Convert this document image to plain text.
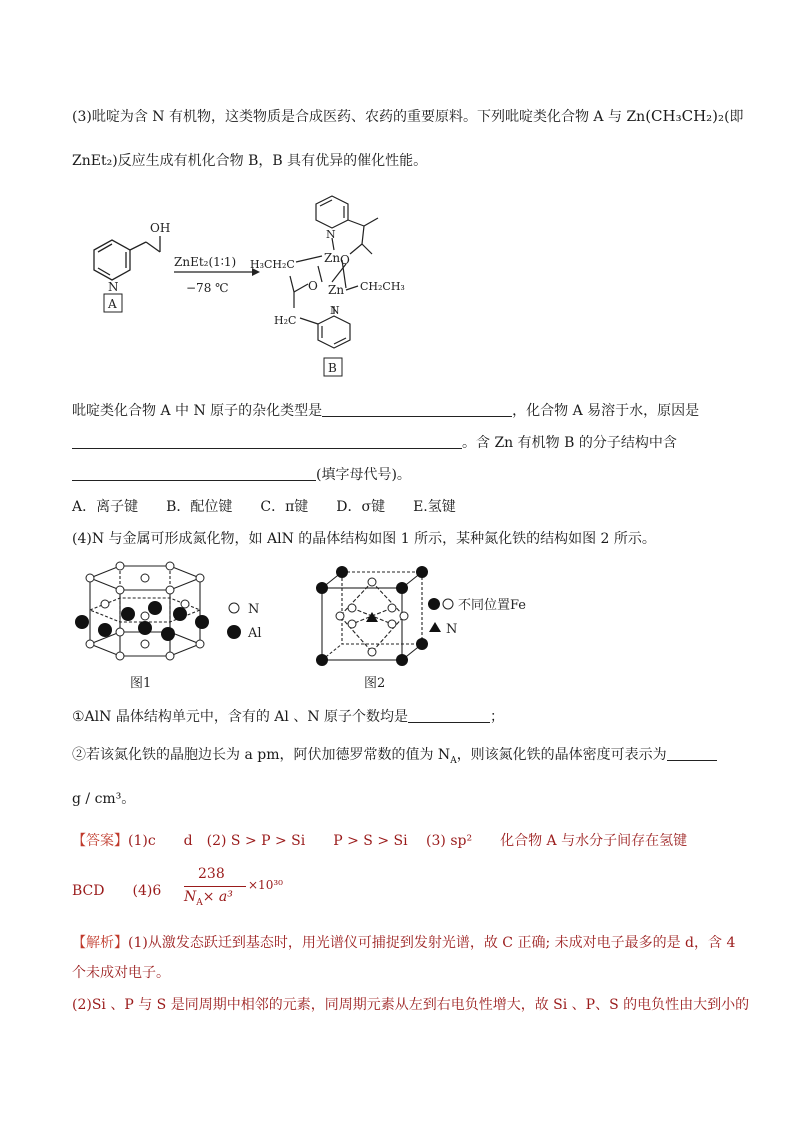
(3)吡啶为含 N 有机物，这类物质是合成医药、农药的重要原料。下列吡啶类化合物 A 与 Zn(CH₃CH₂)₂(即
ZnEt₂)反应生成有机化合物 B，B 具有优异的催化性能。
N
OH
A
ZnEt₂(1∶1)
−78 ℃
N
Zn O
H₃CH₂C
O Zn CH₂CH₃
H₂C
N
B
吡啶类化合物 A 中 N 原子的杂化类型是	，化合物 A 易溶于水，原因是
。含 Zn 有机物 B 的分子结构中含
(填字母代号)。
A．离子键　　B．配位键　　C．π键　　D．σ键　　E.氢键
(4)N 与金属可形成氮化物，如 AlN 的晶体结构如图 1 所示，某种氮化铁的结构如图 2 所示。
N
Al
图1
不同位置Fe
N
图2
①AlN 晶体结构单元中，含有的 Al 、N 原子个数均是	；
②若该氮化铁的晶胞边长为 a pm，阿伏加德罗常数的值为 $N_A$，则该氮化铁的晶体密度可表示为
g / cm³。
【答案】(1)c　　d　(2) S > P > Si　　P > S > Si　 (3) sp²　　化合物 A 与水分子间存在氢键
BCD　　(4)6
238
$N_A\times a^3$
×10³⁰
【解析】(1)从激发态跃迁到基态时，用光谱仪可捕捉到发射光谱，故 C 正确; 未成对电子最多的是 d，含 4
个未成对电子。
(2)Si 、P 与 S 是同周期中相邻的元素，同周期元素从左到右电负性增大，故 Si 、P、S 的电负性由大到小的
